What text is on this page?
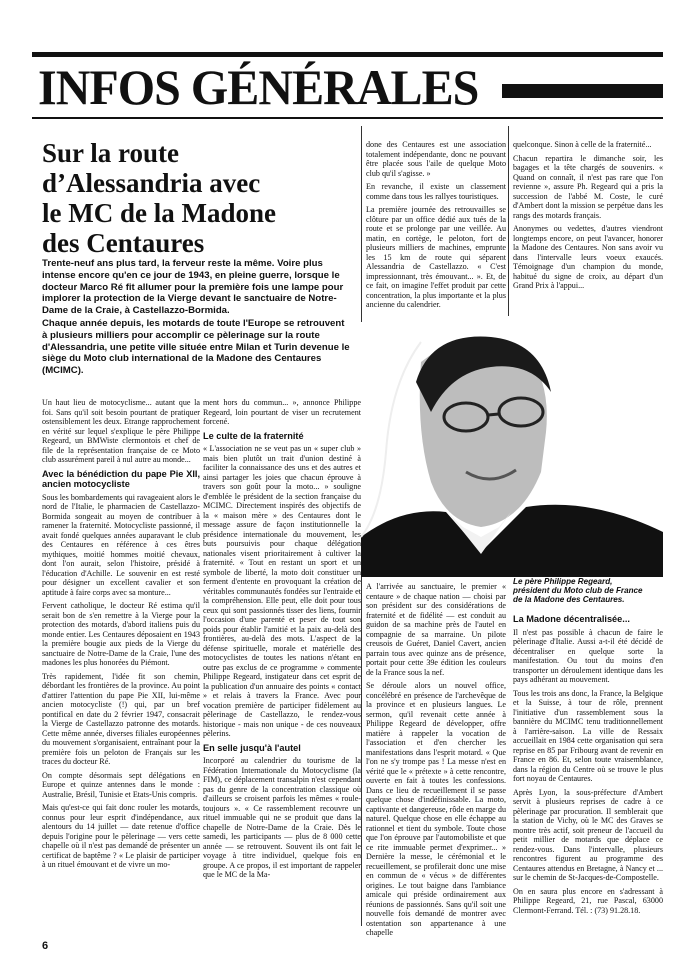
INFOS GÉNÉRALES
Sur la route
d’Alessandria avec
le MC de la Madone
des Centaures

Trente-neuf ans plus tard, la ferveur reste la même. Voire plus intense encore qu'en ce jour de 1943, en pleine guerre, lorsque le docteur Marco Ré fit allumer pour la première fois une lampe pour implorer la protection de la Vierge devant le sanctuaire de Notre-Dame de la Craie, à Castellazzo-Bormida.

Chaque année depuis, les motards de toute l'Europe se retrouvent à plusieurs milliers pour accomplir ce pèlerinage sur la route d'Alessandria, une petite ville située entre Milan et Turin devenue le siège du Moto club international de la Madone des Centaures (MCIMC).

Un haut lieu de motocyclisme... autant que la foi. Sans qu'il soit besoin pourtant de pratiquer ostensiblement les deux. Etrange rapprochement en vérité sur lequel s'explique le père Philippe Regeard, un BMWiste clermontois et chef de file de la représentation française de ce Moto club assurément pareil à nul autre au monde...

Avec la bénédiction du pape Pie XII, ancien motocycliste

Sous les bombardements qui ravageaient alors le nord de l'Italie, le pharmacien de Castellazzo-Bormida songeait au moyen de contribuer à ramener la fraternité. Motocycliste passionné, il avait fondé quelques années auparavant le club des Centaures en référence à ces êtres mythiques, moitié hommes moitié chevaux, dont l'on aurait, selon l'histoire, présidé à l'éducation d'Achille. Le souvenir en est resté pour désigner un excellent cavalier et son aptitude à faire corps avec sa monture...

Fervent catholique, le docteur Ré estima qu'il serait bon de s'en remettre à la Vierge pour la protection des motards, d'abord italiens puis du monde entier. Les Centaures déposaient en 1943 la première bougie aux pieds de la Vierge du sanctuaire de Notre-Dame de la Craie, l'une des madones les plus honorées du Piémont.

Très rapidement, l'idée fit son chemin, débordant les frontières de la province. Au point d'attirer l'attention du pape Pie XII, lui-même ancien motocycliste (!) qui, par un bref pontifical en date du 2 février 1947, consacrait la Vierge de Castellazzo patronne des motards. Cette même année, diverses filiales européennes du mouvement s'organisaient, entraînant pour la première fois un peloton de Français sur les traces du docteur Ré.

On compte désormais sept délégations en Europe et quinze antennes dans le monde : Australie, Brésil, Tunisie et Etats-Unis compris.

Mais qu'est-ce qui fait donc rouler les motards, connus pour leur esprit d'indépendance, aux alentours du 14 juillet — date retenue d'office depuis l'origine pour le pèlerinage — vers cette chapelle où il n'est pas demandé de présenter un certificat de baptême ? « Le plaisir de participer à un rituel émouvant et de vivre un mo-

ment hors du commun... », annonce Philippe Regeard, loin pourtant de viser un recrutement forcené.

Le culte de la fraternité

« L'association ne se veut pas un « super club » mais bien plutôt un trait d'union destiné à faciliter la connaissance des uns et des autres et ainsi partager les joies que chacun éprouve à travers son goût pour la moto... » souligne d'emblée le président de la section française du MCIMC. Directement inspirés des objectifs de la « maison mère » des Centaures dont le message assure de façon institutionnelle la présidence internationale du mouvement, les buts poursuivis pour chaque délégation nationales visent prioritairement à cultiver la fraternité. « Tout en restant un sport et un symbole de liberté, la moto doit constituer un ferment d'entente en provoquant la création de véritables communautés fondées sur l'entraide et la compréhension. Elle peut, elle doit pour tous ceux qui sont passionnés tisser des liens, fournir l'occasion d'une parenté et peser de tout son poids pour établir l'amitié et la paix au-delà des frontières, au-delà des mots. L'aspect de la défense spirituelle, morale et matérielle des motocyclistes de toutes les nations n'étant en outre pas exclus de ce programme » commente Philippe Regeard, instigateur dans cet esprit de la publication d'un annuaire des points « contact » et relais à travers la France. Avec pour vocation première de participer fidèlement au pèlerinage de Castellazzo, le rendez-vous historique - mais non unique - de ces nouveaux pèlerins.

En selle jusqu'à l'autel

Incorporé au calendrier du tourisme de la Fédération Internationale du Motocyclisme (la FIM), ce déplacement transalpin n'est cependant pas du genre de la concentration classique où d'ailleurs se croisent parfois les mêmes « roule-toujours ». « Ce rassemblement recouvre un rituel immuable qui ne se produit que dans la chapelle de Notre-Dame de la Craie. Dès le samedi, les participants — plus de 8 000 cette année — se retrouvent. Souvent ils ont fait le voyage à titre individuel, quelque fois en groupe. A ce propos, il est important de rappeler que le MC de la Ma-

done des Centaures est une association totalement indépendante, donc ne pouvant être placée sous l'aile de quelque Moto club qu'il s'agisse. »

En revanche, il existe un classement comme dans tous les rallyes touristiques.

La première journée des retrouvailles se clôture par un office dédié aux tués de la route et se prolonge par une veillée. Au matin, en cortège, le peloton, fort de plusieurs milliers de machines, emprunte les 15 km de route qui séparent Alessandria de Castellazzo. « C'est impressionnant, très émouvant... ». Et, de ce fait, on imagine l'effet produit par cette concentration, la plus importante et la plus ancienne du calendrier.

quelconque. Sinon à celle de la fraternité...

Chacun repartira le dimanche soir, les bagages et la tête chargés de souvenirs. « Quand on connaît, il n'est pas rare que l'on revienne », assure Ph. Regeard qui a pris la succession de l'abbé M. Coste, le curé d'Ambert dont la mission se perpétue dans les rangs des motards français.

Anonymes ou vedettes, d'autres viendront longtemps encore, on peut l'avancer, honorer la Madone des Centaures. Non sans avoir vu dans l'intervalle leurs voeux exaucés. Témoignage d'un champion du monde, habitué du signe de croix, au départ d'un Grand Prix à l'appui...

Le père Philippe Regeard,
président du Moto club de France
de la Madone des Centaures.

A l'arrivée au sanctuaire, le premier « centaure » de chaque nation — choisi par son président sur des considérations de fraternité et de fidélité — est conduit au guidon de sa machine près de l'autel en compagnie de sa marraine. Un pilote creusois de Guéret, Daniel Cavert, ancien parrain tous avec quinze ans de présence, portait pour cette 39e édition les couleurs de la France sous la nef.

Se déroule alors un nouvel office, concélébré en présence de l'archevêque de la province et en plusieurs langues. Le sermon, qu'il revenait cette année à Philippe Regeard de développer, offre matière à rappeler la vocation de l'association et d'en chercher les manifestations dans l'esprit motard. « Que l'on ne s'y trompe pas ! La messe n'est en vérité que le « prétexte » à cette rencontre, ouverte en fait à toutes les confessions. Dans ce lieu de recueillement il se passe quelque chose d'indéfinissable. La moto, captivante et dangereuse, rôde en marge du naturel. Quelque chose en elle échappe au rationnel et tient du symbole. Toute chose que l'on éprouve par l'automobiliste et que ce rite immuable permet d'exprimer... » Dernière la messe, le cérémonial et le recueillement, se profilerait donc une mise en commun de « vécus » de différentes origines. Le tout baigne dans l'ambiance amicale qui préside ordinairement aux réunions de passionnés. Sans qu'il soit une nouvelle fois demandé de montrer avec ostentation son appartenance à une chapelle

La Madone décentralisée...

Il n'est pas possible à chacun de faire le pèlerinage d'Italie. Aussi a-t-il été décidé de décentraliser en quelque sorte la manifestation. Ou tout du moins d'en transporter un déroulement identique dans les pays adhérant au mouvement.

Tous les trois ans donc, la France, la Belgique et la Suisse, à tour de rôle, prennent l'initiative d'un rassemblement sous la bannière du MCIMC tenu traditionnellement à l'arrière-saison. La ville de Ressaix accueillait en 1984 cette organisation qui sera reprise en 85 par Fribourg avant de revenir en France en 86. Et, selon toute vraisemblance, dans la région du Centre où se trouve le plus fort noyau de Centaures.

Après Lyon, la sous-préfecture d'Ambert servit à plusieurs reprises de cadre à ce pèlerinage par procuration. Il semblerait que la station de Vichy, où le MC des Graves se montre très actif, soit preneur de l'accueil du petit millier de motards que déplace ce rendez-vous. Dans l'intervalle, plusieurs rencontres figurent au programme des Centaures attendus en Bretagne, à Nancy et ... sur le chemin de St-Jacques-de-Compostelle.

On en saura plus encore en s'adressant à Philippe Regeard, 21, rue Pascal, 63000 Clermont-Ferrand. Tél. : (73) 91.28.18.

6
